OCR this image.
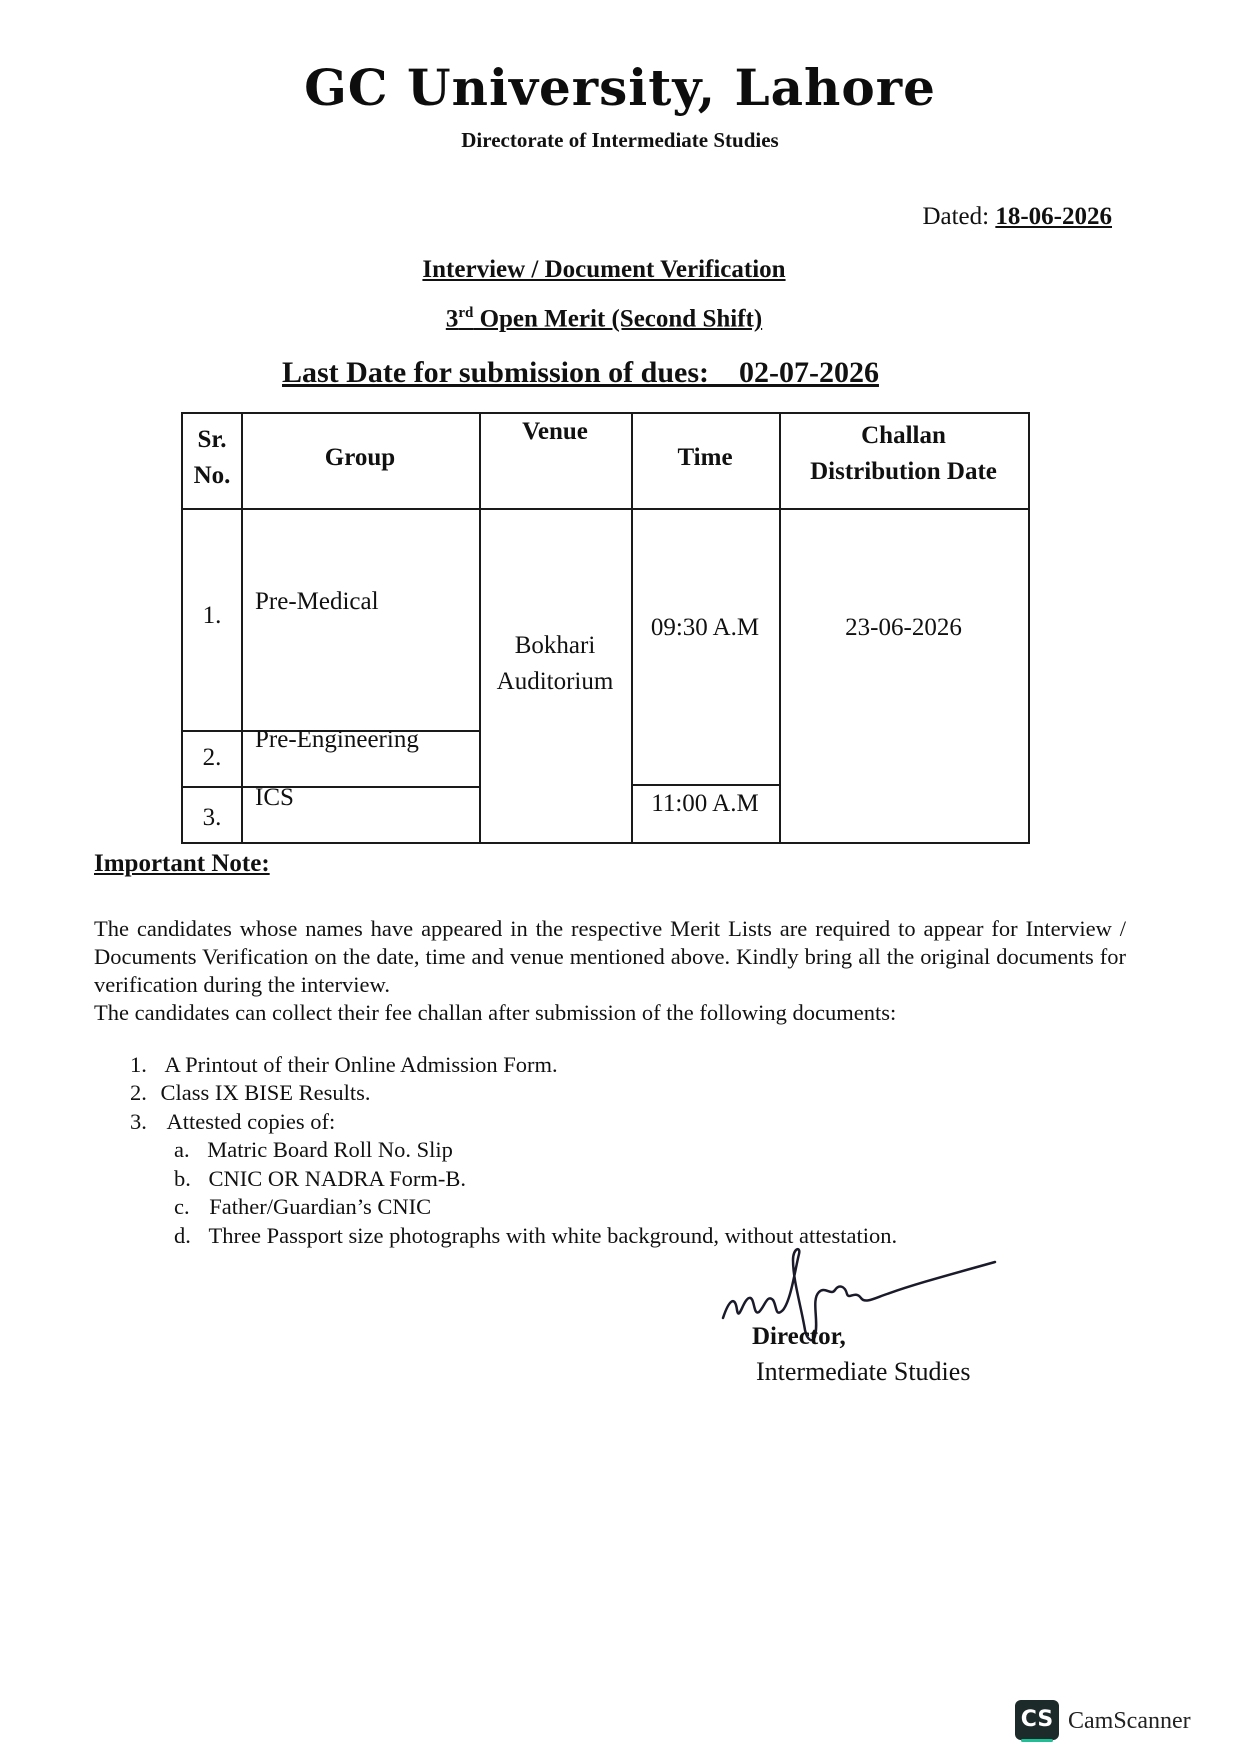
GC University, Lahore
Directorate of Intermediate Studies
Dated: 18-06-2026
Interview / Document Verification
3rd Open Merit (Second Shift)
Last Date for submission of dues:    02-07-2026
Sr.
No.
Group
Venue
Time
Challan
Distribution Date
1.
Pre-Medical
2.
Pre-Engineering
3.
ICS
Bokhari
Auditorium
09:30 A.M
11:00 A.M
23-06-2026
Important Note:
The candidates whose names have appeared in the respective Merit Lists are required to appear for Interview / Documents Verification on the date, time and venue mentioned above. Kindly bring all the original documents for verification during the interview.
The candidates can collect their fee challan after submission of the following documents:
1. A Printout of their Online Admission Form.
2. Class IX BISE Results.
3. Attested copies of:
a. Matric Board Roll No. Slip
b. CNIC OR NADRA Form-B.
c. Father/Guardian’s CNIC
d. Three Passport size photographs with white background, without attestation.
Director,
Intermediate Studies
CS CamScanner
